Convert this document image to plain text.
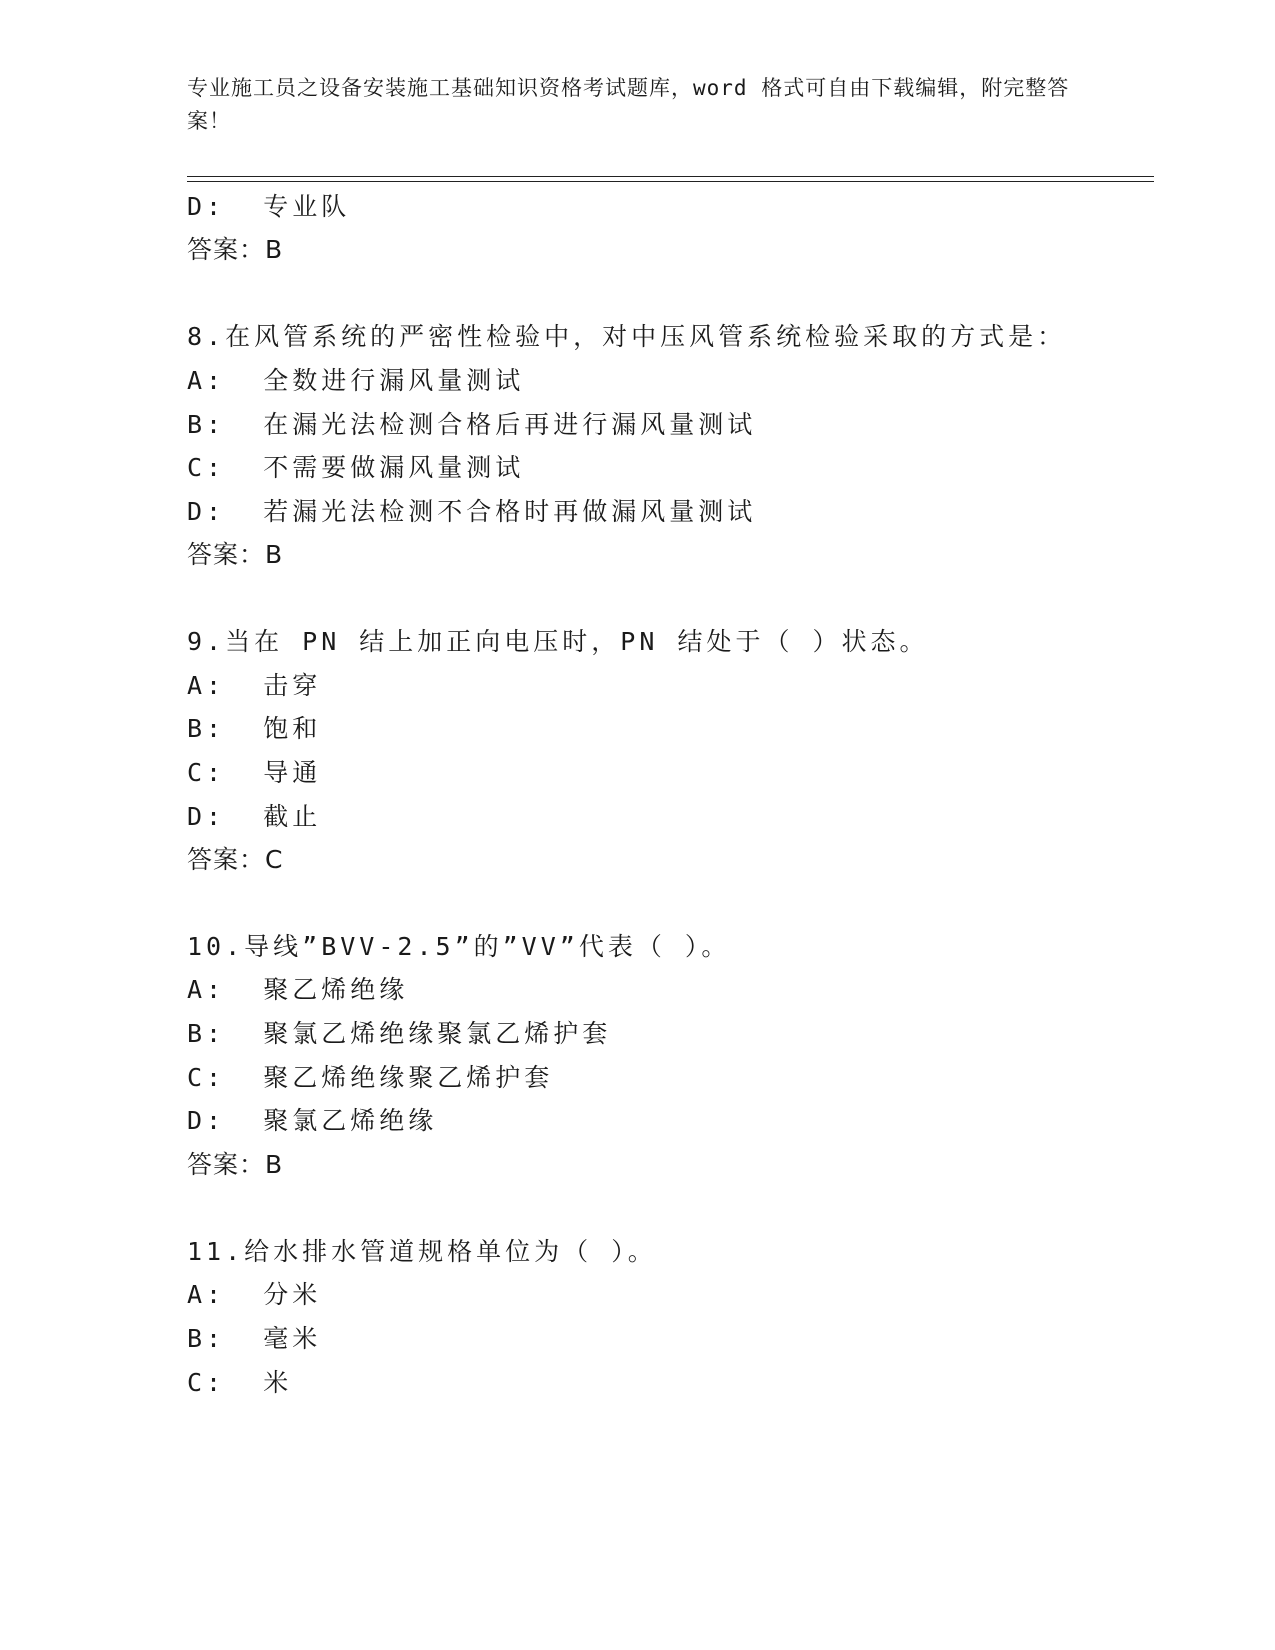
专业施工员之设备安装施工基础知识资格考试题库，word 格式可自由下载编辑，附完整答案！
D:  专业队
答案：B
8.在风管系统的严密性检验中，对中压风管系统检验采取的方式是：
A:  全数进行漏风量测试
B:  在漏光法检测合格后再进行漏风量测试
C:  不需要做漏风量测试
D:  若漏光法检测不合格时再做漏风量测试
答案：B
9.当在 PN 结上加正向电压时，PN 结处于（ ）状态。
A:  击穿
B:  饱和
C:  导通
D:  截止
答案：C
10.导线”BVV-2.5”的”VV”代表（ ）。
A:  聚乙烯绝缘
B:  聚氯乙烯绝缘聚氯乙烯护套
C:  聚乙烯绝缘聚乙烯护套
D:  聚氯乙烯绝缘
答案：B
11.给水排水管道规格单位为（ ）。
A:  分米
B:  毫米
C:  米
